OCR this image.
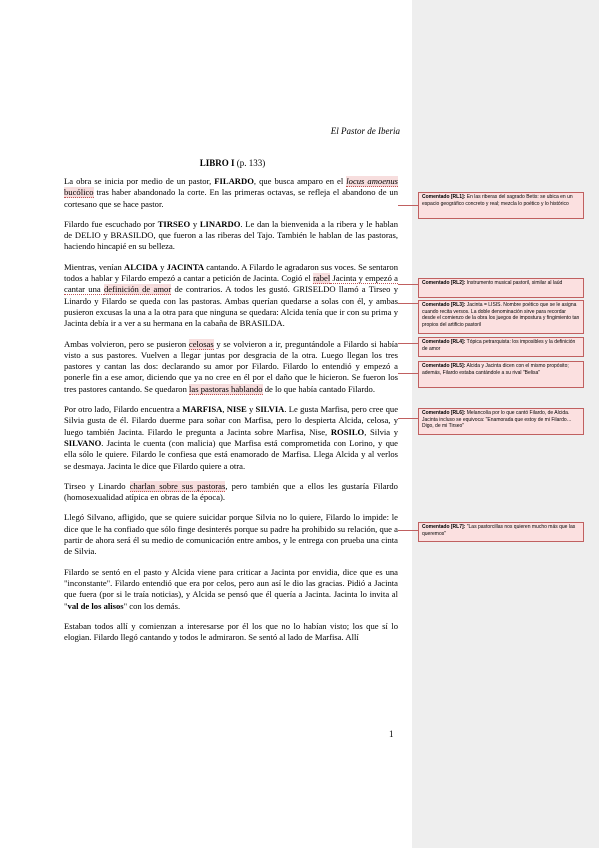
El Pastor de Iberia
LIBRO I (p. 133)

La obra se inicia por medio de un pastor, FILARDO, que busca amparo en el locus amoenus bucólico tras haber abandonado la corte. En las primeras octavas, se refleja el abandono de un cortesano que se hace pastor.

Filardo fue escuchado por TIRSEO y LINARDO. Le dan la bienvenida a la ribera y le hablan de DELIO y BRASILDO, que fueron a las riberas del Tajo. También le hablan de las pastoras, haciendo hincapié en su belleza.

Mientras, venían ALCIDA y JACINTA cantando. A Filardo le agradaron sus voces. Se sentaron todos a hablar y Filardo empezó a cantar a petición de Jacinta. Cogió el rabel Jacinta y empezó a cantar una definición de amor de contrarios. A todos les gustó. GRISELDO llamó a Tirseo y Linardo y Filardo se queda con las pastoras. Ambas querían quedarse a solas con él, y ambas pusieron excusas la una a la otra para que ninguna se quedara: Alcida tenía que ir con su prima y Jacinta debía ir a ver a su hermana en la cabaña de BRASILDA.

Ambas volvieron, pero se pusieron celosas y se volvieron a ir, preguntándole a Filardo si había visto a sus pastores. Vuelven a llegar juntas por desgracia de la otra. Luego llegan los tres pastores y cantan las dos: declarando su amor por Filardo. Filardo lo entendió y empezó a ponerle fin a ese amor, diciendo que ya no cree en él por el daño que le hicieron. Se fueron los tres pastores cantando. Se quedaron las pastoras hablando de lo que había cantado Filardo.

Por otro lado, Filardo encuentra a MARFISA, NISE y SILVIA. Le gusta Marfisa, pero cree que Silvia gusta de él. Filardo duerme para soñar con Marfisa, pero lo despierta Alcida, celosa, y luego también Jacinta. Filardo le pregunta a Jacinta sobre Marfisa, Nise, ROSILO, Silvia y SILVANO. Jacinta le cuenta (con malicia) que Marfisa está comprometida con Lorino, y que ella sólo le quiere. Filardo le confiesa que está enamorado de Marfisa. Llega Alcida y al verlos se desmaya. Jacinta le dice que Filardo quiere a otra.

Tirseo y Linardo charlan sobre sus pastoras, pero también que a ellos les gustaría Filardo (homosexualidad atípica en obras de la época).

Llegó Silvano, afligido, que se quiere suicidar porque Silvia no lo quiere, Filardo lo impide: le dice que le ha confiado que sólo finge desinterés porque su padre ha prohibido su relación, que a partir de ahora será él su medio de comunicación entre ambos, y le entrega con prueba una cinta de Silvia.

Filardo se sentó en el pasto y Alcida viene para criticar a Jacinta por envidia, dice que es una "inconstante". Filardo entendió que era por celos, pero aun así le dio las gracias. Pidió a Jacinta que fuera (por si le traía noticias), y Alcida se pensó que él quería a Jacinta. Jacinta lo invita al "val de los alisos" con los demás.

Estaban todos allí y comienzan a interesarse por él los que no lo habían visto; los que sí lo elogian. Filardo llegó cantando y todos le admiraron. Se sentó al lado de Marfisa. Allí

1
Comentado [RL1]: En las riberas del sagrado Betis: se ubica en un espacio geográfico concreto y real; mezcla lo poético y lo histórico
Comentado [RL2]: Instrumento musical pastoril, similar al laúd
Comentado [RL3]: Jacinta = LISIS. Nombre poético que se le asigna cuando recita versos. La doble denominación sirve para recordar desde el comienzo de la obra los juegos de impostura y fingimiento tan propios del artificio pastoril
Comentado [RL4]: Tópica petrarquista: los imposibles y la definición de amor
Comentado [RL5]: Alcida y Jacinta dicen con el mismo propósito; además, Filardo estaba cantándole a su rival "Belisa"
Comentado [RL6]: Melancolía por lo que cantó Filardo, de Alcida. Jacinta incluso se equivoca: "Enamorada que estoy de mi Filardo… Digo, de mi Tirseo"
Comentado [RL7]: "Las pastorcillas nos quieren mucho más que las queremos"
